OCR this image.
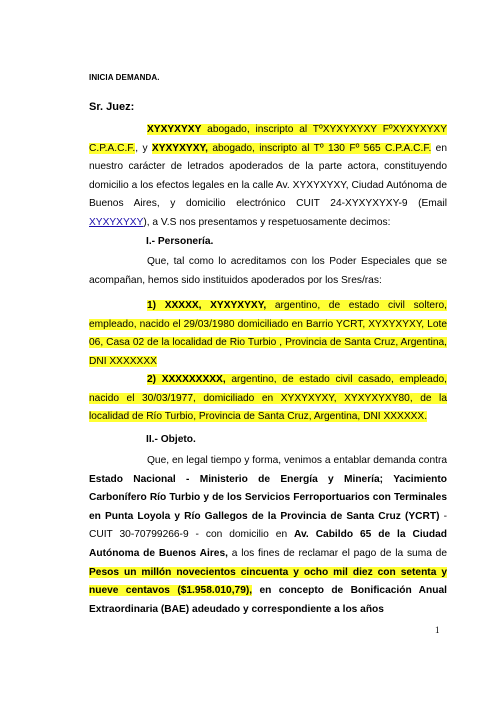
INICIA DEMANDA.
Sr. Juez:

XYXYXYXY abogado, inscripto al TºXYXYXYXY FºXYXYXYXY C.P.A.C.F., y XYXYXYXY, abogado, inscripto al Tº 130 Fº 565 C.P.A.C.F. en nuestro carácter de letrados apoderados de la parte actora, constituyendo domicilio a los efectos legales en la calle Av. XYXYXYXY, Ciudad Autónoma de Buenos Aires, y domicilio electrónico CUIT 24-XYXYXYXY-9 (Email XYXYXYXY), a V.S nos presentamos y respetuosamente decimos:

I.- Personería.

Que, tal como lo acreditamos con los Poder Especiales que se acompañan, hemos sido instituidos apoderados por los Sres/ras:

1) XXXXX, XYXYXYXY, argentino, de estado civil soltero, empleado, nacido el 29/03/1980 domiciliado en Barrio YCRT, XYXYXYXY, Lote 06, Casa 02 de la localidad de Rio Turbio , Provincia de Santa Cruz, Argentina, DNI XXXXXXX

2) XXXXXXXXX, argentino, de estado civil casado, empleado, nacido el 30/03/1977, domiciliado en XYXYXYXY, XYXYXYXY80, de la localidad de Río Turbio, Provincia de Santa Cruz, Argentina, DNI XXXXXX.

II.- Objeto.

Que, en legal tiempo y forma, venimos a entablar demanda contra Estado Nacional - Ministerio de Energía y Minería; Yacimiento Carbonífero Río Turbio y de los Servicios Ferroportuarios con Terminales en Punta Loyola y Río Gallegos de la Provincia de Santa Cruz (YCRT) - CUIT 30-70799266-9 - con domicilio en Av. Cabildo 65 de la Ciudad Autónoma de Buenos Aires, a los fines de reclamar el pago de la suma de Pesos un millón novecientos cincuenta y ocho mil diez con setenta y nueve centavos ($1.958.010,79), en concepto de Bonificación Anual Extraordinaria (BAE) adeudado y correspondiente a los años

1
